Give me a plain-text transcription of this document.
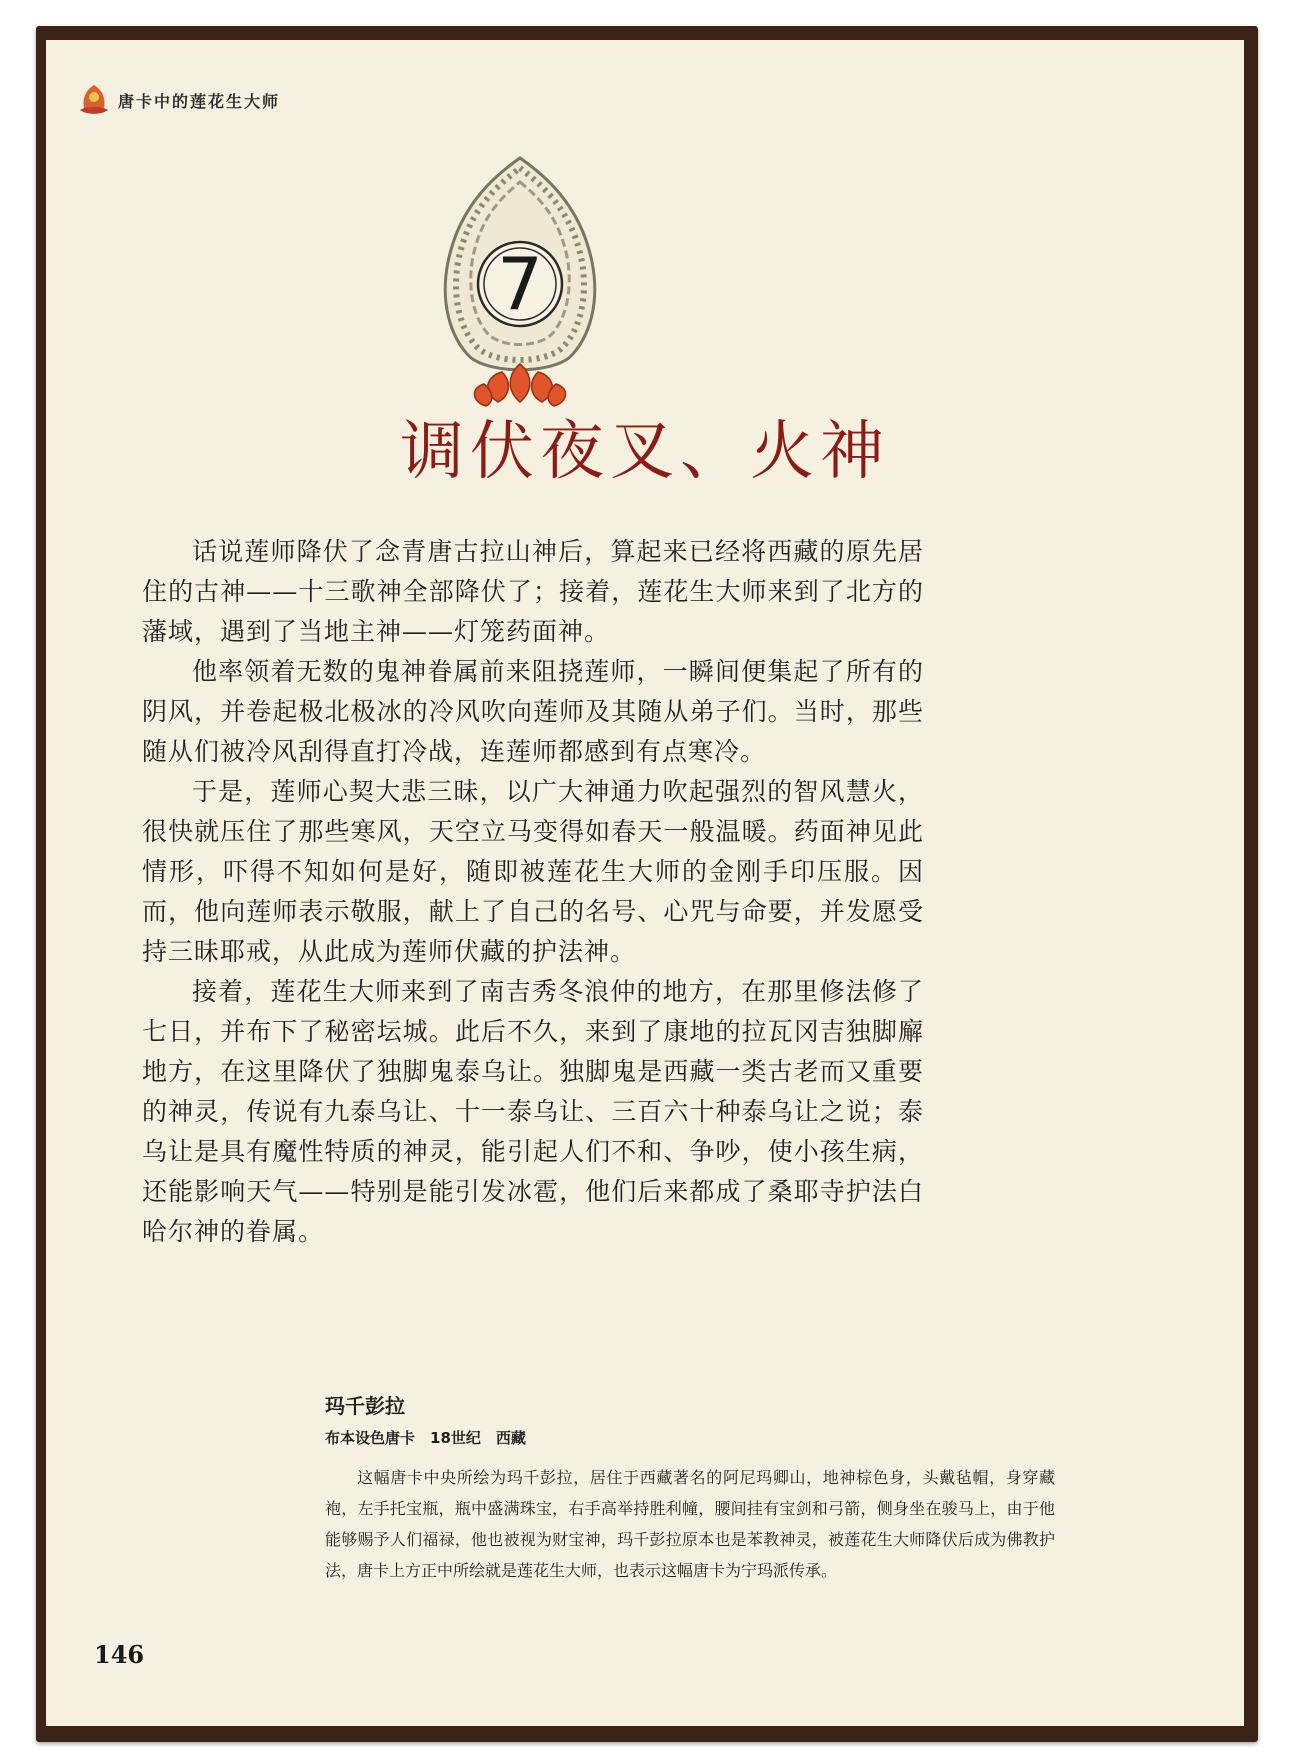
唐卡中的莲花生大师
7
调伏夜叉、火神

话说莲师降伏了念青唐古拉山神后，算起来已经将西藏的原先居住的古神——十三歌神全部降伏了；接着，莲花生大师来到了北方的藩域，遇到了当地主神——灯笼药面神。

他率领着无数的鬼神眷属前来阻挠莲师，一瞬间便集起了所有的阴风，并卷起极北极冰的冷风吹向莲师及其随从弟子们。当时，那些随从们被冷风刮得直打冷战，连莲师都感到有点寒冷。

于是，莲师心契大悲三昧，以广大神通力吹起强烈的智风慧火，很快就压住了那些寒风，天空立马变得如春天一般温暖。药面神见此情形，吓得不知如何是好，随即被莲花生大师的金刚手印压服。因而，他向莲师表示敬服，献上了自己的名号、心咒与命要，并发愿受持三昧耶戒，从此成为莲师伏藏的护法神。

接着，莲花生大师来到了南吉秀冬浪仲的地方，在那里修法修了七日，并布下了秘密坛城。此后不久，来到了康地的拉瓦冈吉独脚廨地方，在这里降伏了独脚鬼泰乌让。独脚鬼是西藏一类古老而又重要的神灵，传说有九泰乌让、十一泰乌让、三百六十种泰乌让之说；泰乌让是具有魔性特质的神灵，能引起人们不和、争吵，使小孩生病，还能影响天气——特别是能引发冰雹，他们后来都成了桑耶寺护法白哈尔神的眷属。

玛千彭拉
布本设色唐卡　18世纪　西藏
这幅唐卡中央所绘为玛千彭拉，居住于西藏著名的阿尼玛卿山，地神棕色身，头戴毡帽，身穿藏袍，左手托宝瓶，瓶中盛满珠宝，右手高举持胜利幢，腰间挂有宝剑和弓箭，侧身坐在骏马上，由于他能够赐予人们福禄，他也被视为财宝神，玛千彭拉原本也是苯教神灵，被莲花生大师降伏后成为佛教护法，唐卡上方正中所绘就是莲花生大师，也表示这幅唐卡为宁玛派传承。
146
